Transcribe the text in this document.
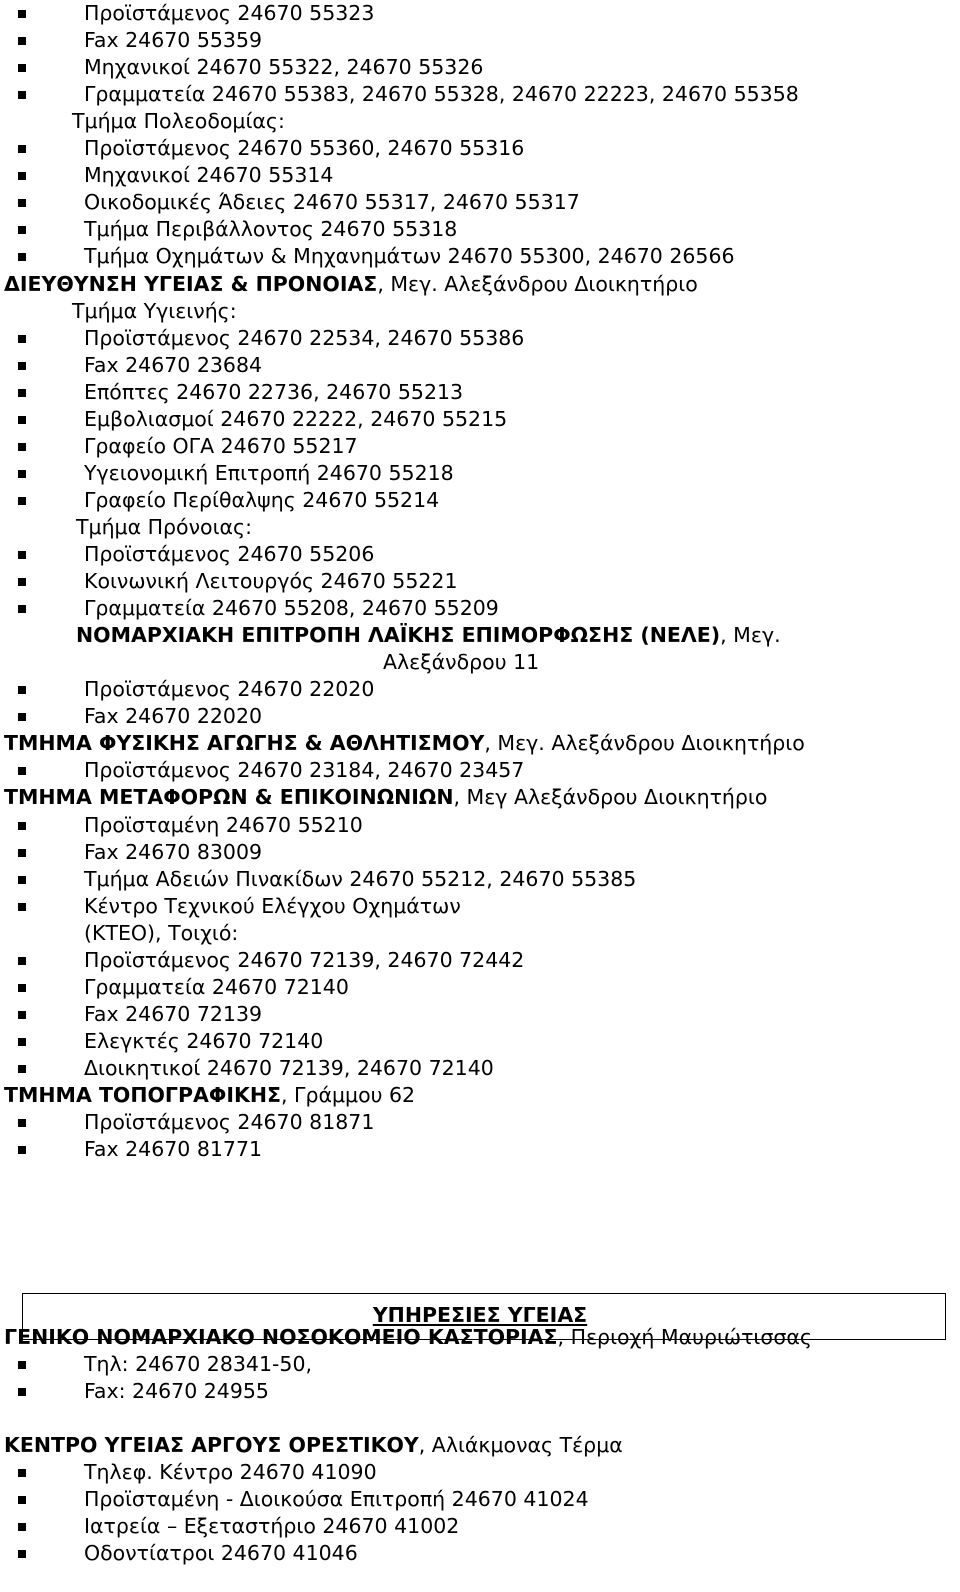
ΥΠΗΡΕΣΙΕΣ ΥΓΕΙΑΣ
Προϊστάμενος 24670 55323
Fax 24670 55359
Μηχανικοί 24670 55322, 24670 55326
Γραμματεία 24670 55383, 24670 55328, 24670 22223, 24670 55358
Τμήμα Πολεοδομίας:
Προϊστάμενος 24670 55360, 24670 55316
Μηχανικοί 24670 55314
Οικοδομικές Άδειες 24670 55317, 24670 55317
Τμήμα Περιβάλλοντος 24670 55318
Τμήμα Οχημάτων & Μηχανημάτων 24670 55300, 24670 26566
ΔΙΕΥΘΥΝΣΗ ΥΓΕΙΑΣ & ΠΡΟΝΟΙΑΣ, Μεγ. Αλεξάνδρου Διοικητήριο
Τμήμα Υγιεινής:
Προϊστάμενος 24670 22534, 24670 55386
Fax 24670 23684
Επόπτες 24670 22736, 24670 55213
Εμβολιασμοί 24670 22222, 24670 55215
Γραφείο ΟΓΑ 24670 55217
Υγειονομική Επιτροπή 24670 55218
Γραφείο Περίθαλψης 24670 55214
Τμήμα Πρόνοιας:
Προϊστάμενος 24670 55206
Κοινωνική Λειτουργός 24670 55221
Γραμματεία 24670 55208, 24670 55209
ΝΟΜΑΡΧΙΑΚΗ ΕΠΙΤΡΟΠΗ ΛΑΪΚΗΣ ΕΠΙΜΟΡΦΩΣΗΣ (ΝΕΛΕ), Μεγ.
Αλεξάνδρου 11
Προϊστάμενος 24670 22020
Fax 24670 22020
ΤΜΗΜΑ ΦΥΣΙΚΗΣ ΑΓΩΓΗΣ & ΑΘΛΗΤΙΣΜΟΥ, Μεγ. Αλεξάνδρου Διοικητήριο
Προϊστάμενος 24670 23184, 24670 23457
ΤΜΗΜΑ ΜΕΤΑΦΟΡΩΝ & ΕΠΙΚΟΙΝΩΝΙΩΝ, Μεγ Αλεξάνδρου Διοικητήριο
Προϊσταμένη 24670 55210
Fax 24670 83009
Τμήμα Αδειών Πινακίδων 24670 55212, 24670 55385
Κέντρο Τεχνικού Ελέγχου Οχημάτων
(ΚΤΕΟ), Τοιχιό:
Προϊστάμενος 24670 72139, 24670 72442
Γραμματεία 24670 72140
Fax 24670 72139
Ελεγκτές 24670 72140
Διοικητικοί 24670 72139, 24670 72140
ΤΜΗΜΑ ΤΟΠΟΓΡΑΦΙΚΗΣ, Γράμμου 62
Προϊστάμενος 24670 81871
Fax 24670 81771
ΓΕΝΙΚΟ ΝΟΜΑΡΧΙΑΚΟ ΝΟΣΟΚΟΜΕΙΟ ΚΑΣΤΟΡΙΑΣ, Περιοχή Μαυριώτισσας
Τηλ: 24670 28341-50,
Fax: 24670 24955
ΚΕΝΤΡΟ ΥΓΕΙΑΣ ΑΡΓΟΥΣ ΟΡΕΣΤΙΚΟΥ, Αλιάκμονας Τέρμα
Τηλεφ. Κέντρο 24670 41090
Προϊσταμένη - Διοικούσα Επιτροπή 24670 41024
Ιατρεία – Εξεταστήριο 24670 41002
Οδοντίατροι 24670 41046
